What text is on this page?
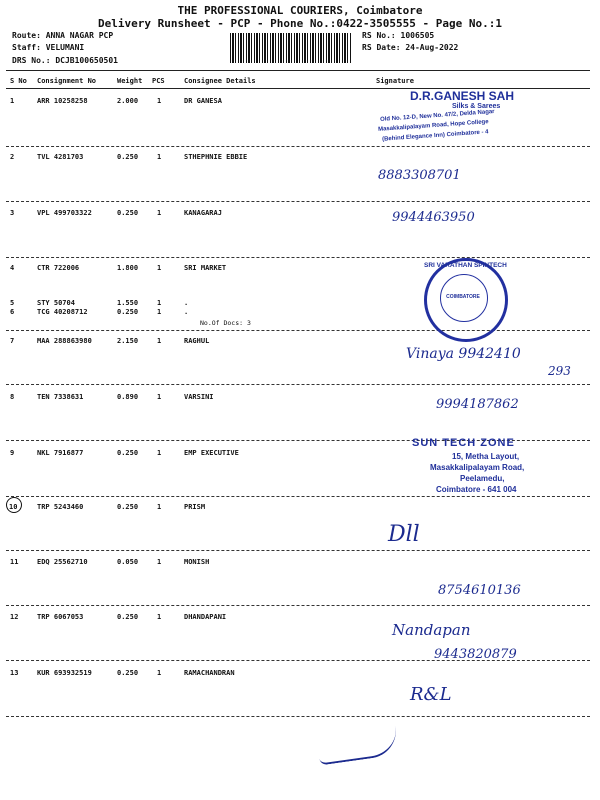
THE PROFESSIONAL COURIERS, Coimbatore
Delivery Runsheet - PCP - Phone No.:0422-3505555 - Page No.:1
Route: ANNA NAGAR PCP
Staff: VELUMANI
DRS No.: DCJB100650501
RS No.: 1006505
RS Date: 24-Aug-2022
S No Consignment No	Weight PCS	Consignee Details	Signature
1	ARR 10258258	2.000	1	DR GANESA
2	TVL 4281703	0.250	1	STHEPHNIE EBBIE
3	VPL 499703322	0.250	1	KANAGARAJ
4	CTR 722006	1.800	1	SRI MARKET
5	STY 50704	1.550	1	.
6	TCG 40208712	0.250	1	.
No.Of Docs: 3
7	MAA 288863980	2.150	1	RAGHUL
8	TEN 7338631	0.890	1	VARSINI
9	NKL 7916877	0.250	1	EMP EXECUTIVE
10	TRP 5243460	0.250	1	PRISM
11	EDQ 25562710	0.050	1	MONISH
12	TRP 6067053	0.250	1	DHANDAPANI
13	KUR 693932519	0.250	1	RAMACHANDRAN
D.R.GANESH SAH
Silks & Sarees
Old No. 12-D, New No. 47/2, Delda Nagar
Masakkalipalayam Road, Hope College
(Behind Elegance Inn) Coimbatore - 4
SRI VARATHAN SPINTECH
COIMBATORE
SUN TECH ZONE
15, Metha Layout,
Masakkalipalayam Road,
Peelamedu,
Coimbatore - 641 004
8883308701
9944463950
Vinaya 9942410
293
9994187862
Dll
8754610136
Nandapan
9443820879
R&L
